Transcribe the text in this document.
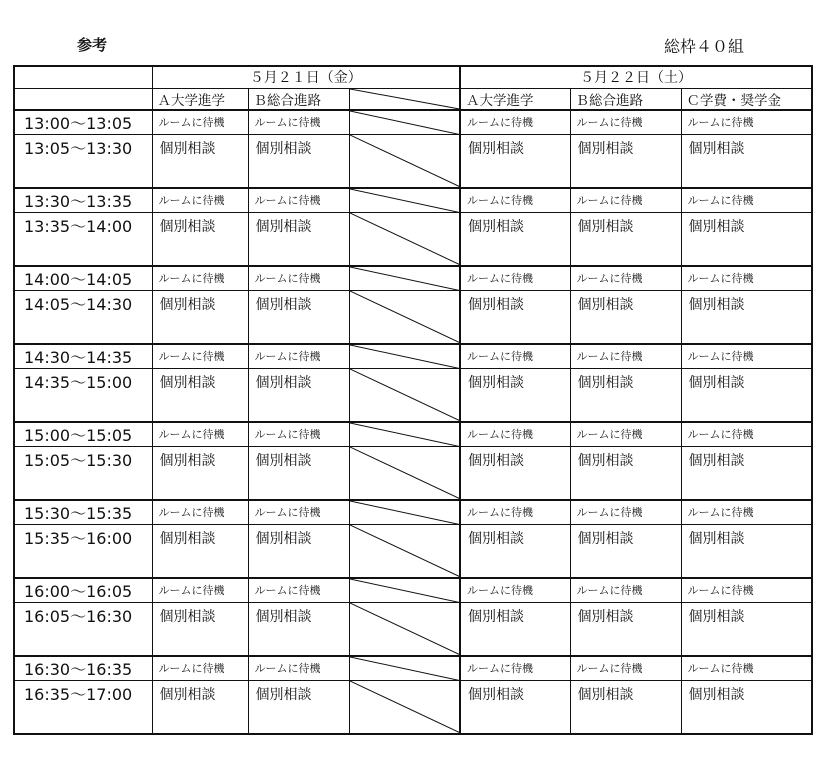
参考	総枠４０組
	５月２１日（金）			５月２２日（土）		
	Ａ大学進学	Ｂ総合進路		Ａ大学進学	Ｂ総合進路	Ｃ学費・奨学金
13:00～13:05	ルームに待機	ルームに待機		ルームに待機	ルームに待機	ルームに待機
13:05～13:30	個別相談	個別相談		個別相談	個別相談	個別相談
13:30～13:35	ルームに待機	ルームに待機		ルームに待機	ルームに待機	ルームに待機
13:35～14:00	個別相談	個別相談		個別相談	個別相談	個別相談
14:00～14:05	ルームに待機	ルームに待機		ルームに待機	ルームに待機	ルームに待機
14:05～14:30	個別相談	個別相談		個別相談	個別相談	個別相談
14:30～14:35	ルームに待機	ルームに待機		ルームに待機	ルームに待機	ルームに待機
14:35～15:00	個別相談	個別相談		個別相談	個別相談	個別相談
15:00～15:05	ルームに待機	ルームに待機		ルームに待機	ルームに待機	ルームに待機
15:05～15:30	個別相談	個別相談		個別相談	個別相談	個別相談
15:30～15:35	ルームに待機	ルームに待機		ルームに待機	ルームに待機	ルームに待機
15:35～16:00	個別相談	個別相談		個別相談	個別相談	個別相談
16:00～16:05	ルームに待機	ルームに待機		ルームに待機	ルームに待機	ルームに待機
16:05～16:30	個別相談	個別相談		個別相談	個別相談	個別相談
16:30～16:35	ルームに待機	ルームに待機		ルームに待機	ルームに待機	ルームに待機
16:35～17:00	個別相談	個別相談		個別相談	個別相談	個別相談
